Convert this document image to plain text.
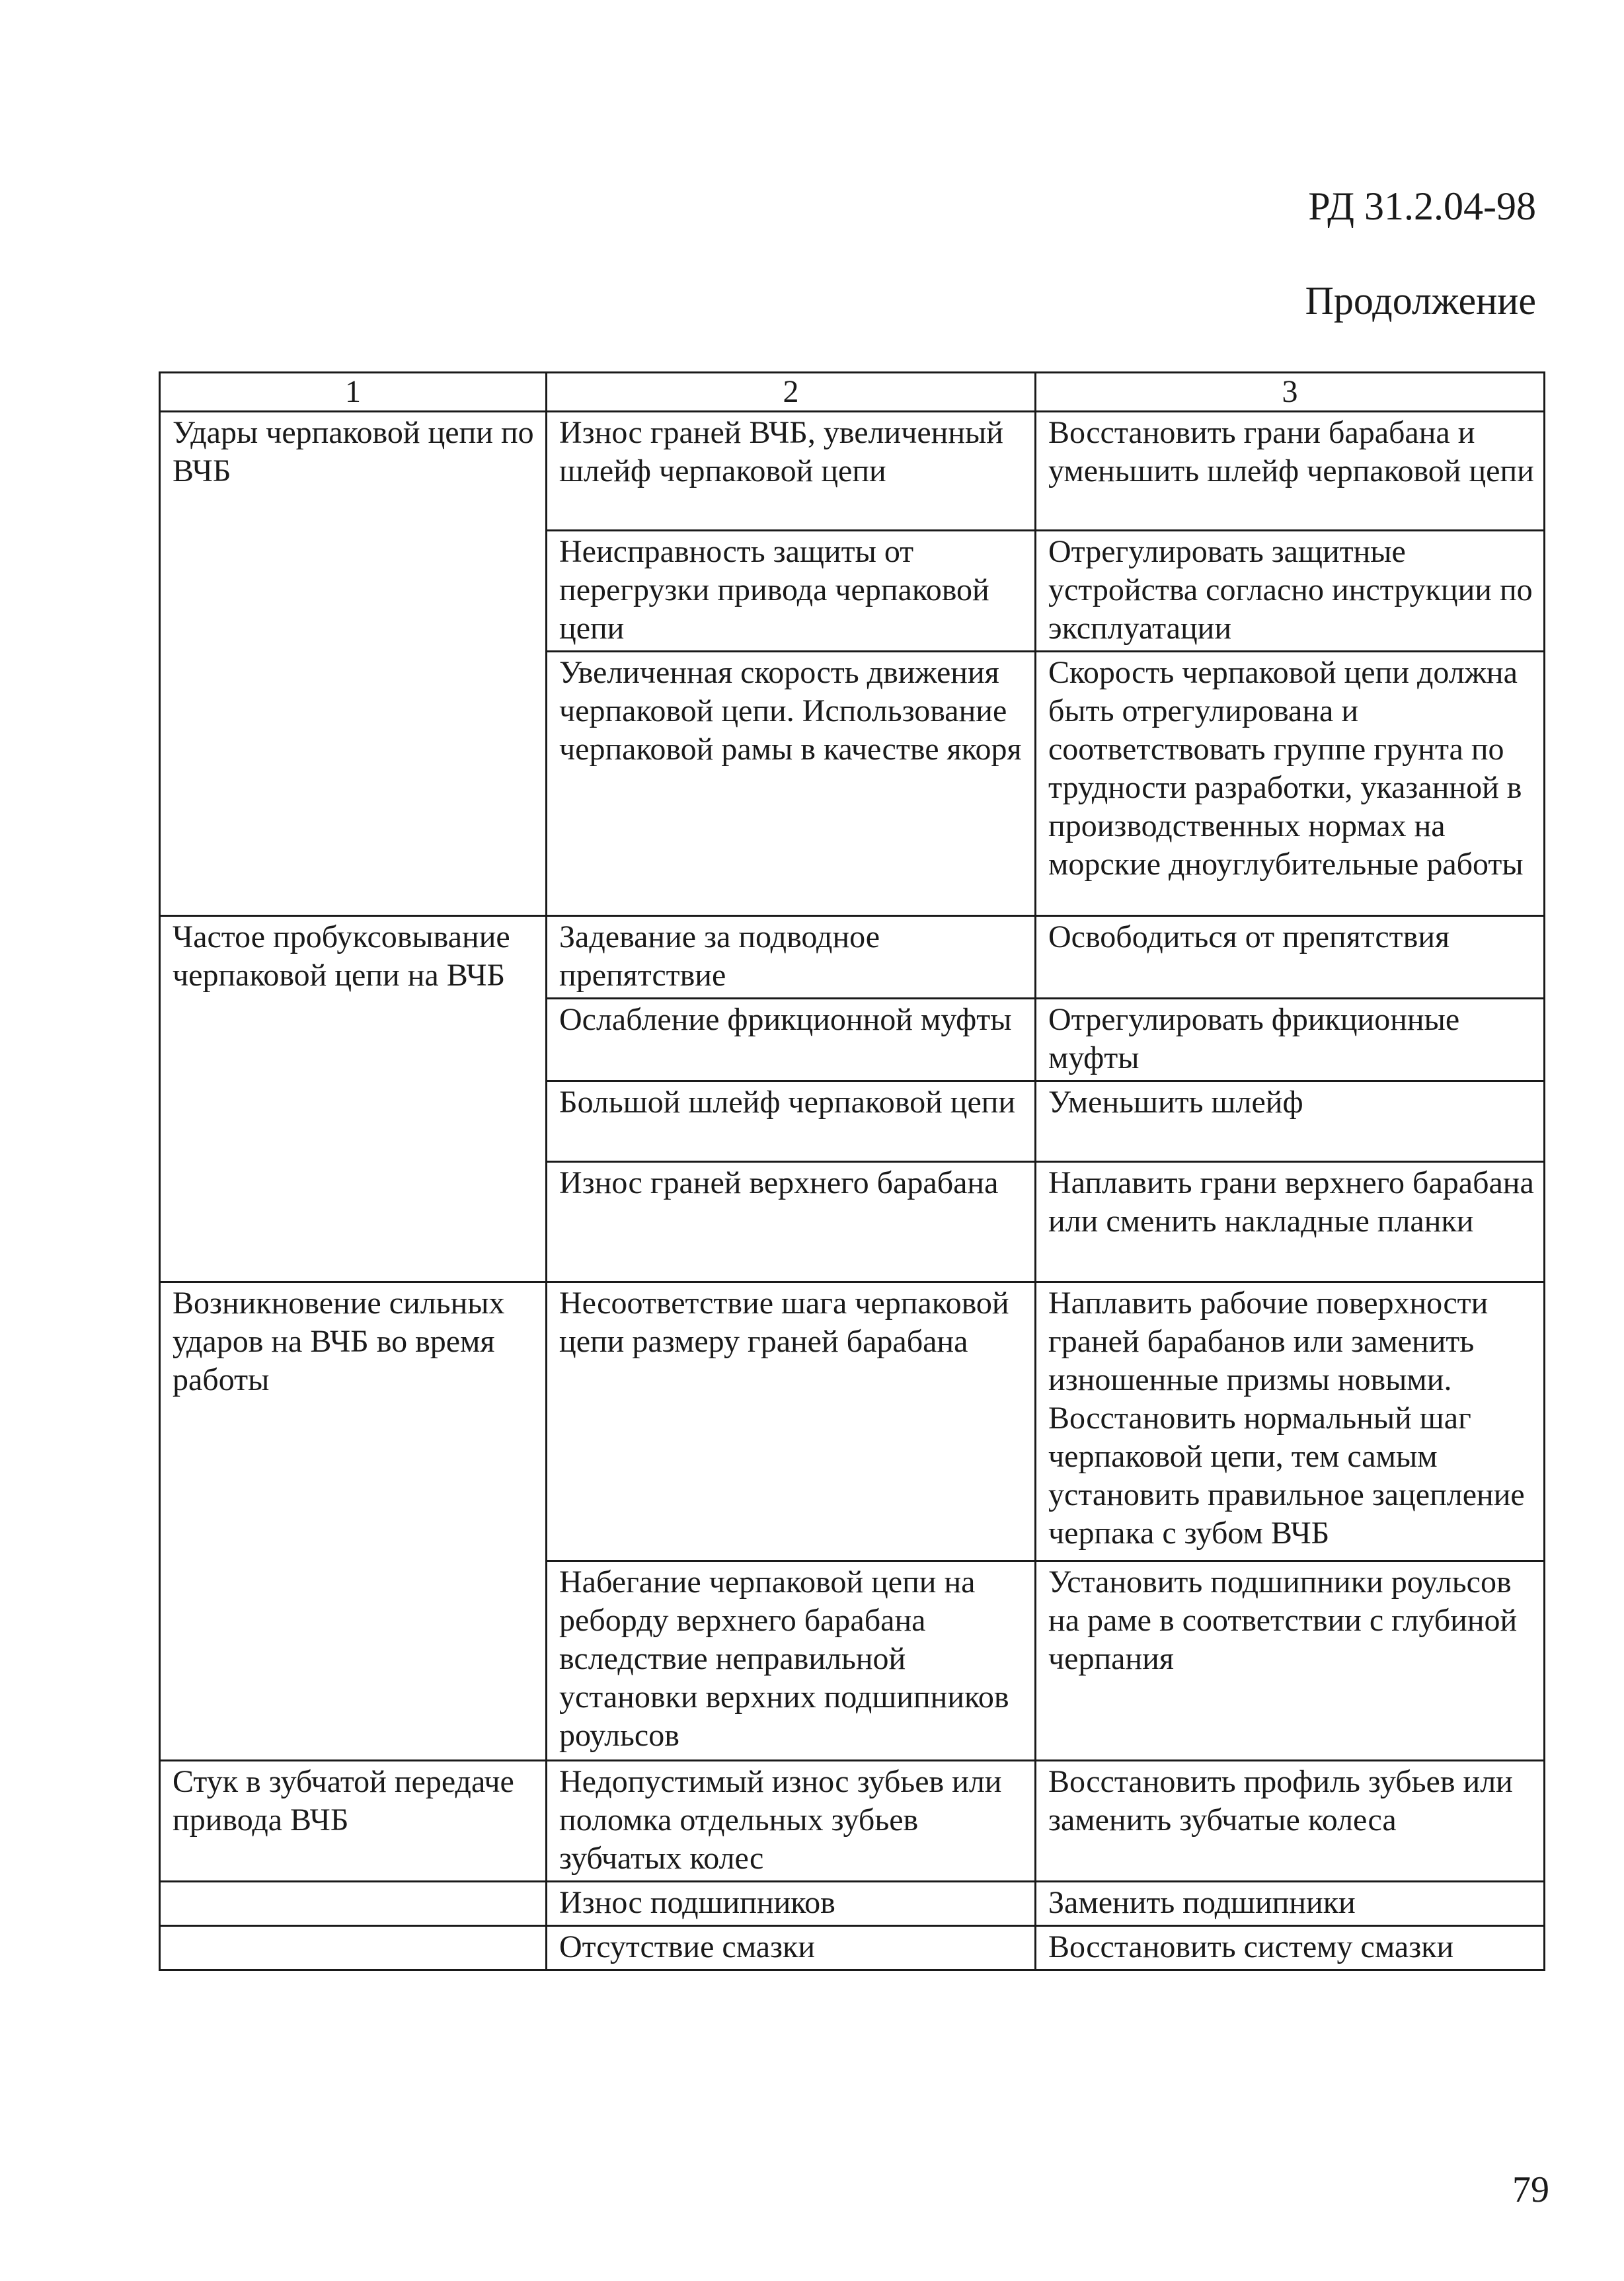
РД 31.2.04-98
Продолжение
1	2	3
Удары черпаковой цепи по ВЧБ	Износ граней ВЧБ, увеличенный шлейф черпаковой цепи	Восстановить грани барабана и уменьшить шлейф черпаковой цепи
	Неисправность защиты от перегрузки привода черпаковой цепи	Отрегулировать защитные устройства согласно инструкции по эксплуатации
	Увеличенная скорость движения черпаковой цепи. Использование черпаковой рамы в качестве якоря	Скорость черпаковой цепи должна быть отрегулирована и соответствовать группе грунта по трудности разработки, указанной в производственных нормах на морские дноуглубительные работы
Частое пробуксовывание черпаковой цепи на ВЧБ	Задевание за подводное препятствие	Освободиться от препятствия
	Ослабление фрикционной муфты	Отрегулировать фрикционные муфты
	Большой шлейф черпаковой цепи	Уменьшить шлейф
	Износ граней верхнего барабана	Наплавить грани верхнего барабана или сменить накладные планки
Возникновение сильных ударов на ВЧБ во время работы	Несоответствие шага черпаковой цепи размеру граней барабана	Наплавить рабочие поверхности граней барабанов или заменить изношенные призмы новыми. Восстановить нормальный шаг черпаковой цепи, тем самым установить правильное зацепление черпака с зубом ВЧБ
	Набегание черпаковой цепи на реборду верхнего барабана вследствие неправильной установки верхних подшипников роульсов	Установить подшипники роульсов на раме в соответствии с глубиной черпания
Стук в зубчатой передаче привода ВЧБ	Недопустимый износ зубьев или поломка отдельных зубьев зубчатых колес	Восстановить профиль зубьев или заменить зубчатые колеса
	Износ подшипников	Заменить подшипники
	Отсутствие смазки	Восстановить систему смазки
79
